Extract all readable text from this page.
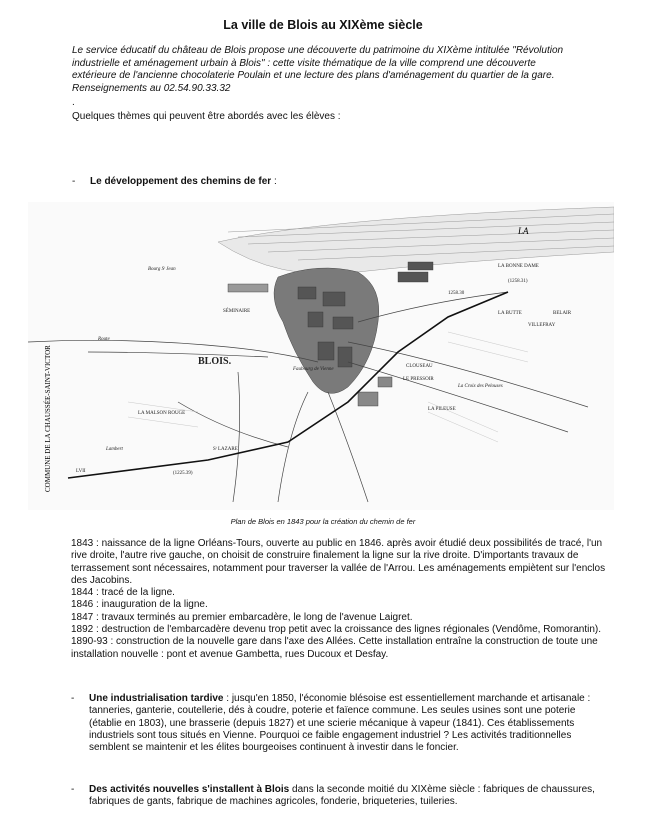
La ville de Blois au XIXème siècle
Le service éducatif du château de Blois propose une découverte du patrimoine du XIXème intitulée "Révolution industrielle et aménagement urbain à Blois" : cette visite thématique de la ville comprend une découverte extérieure de l'ancienne chocolaterie Poulain et une lecture des plans d'aménagement du quartier de la gare. Renseignements au 02.54.90.33.32
.
Quelques thèmes qui peuvent être abordés avec les élèves :
- Le développement des chemins de fer :
LA
COMMUNE DE LA CHAUSSÉE-SAINT-VICTOR
Bourg Sᵗ Jean
BLOIS.
LA MALSON ROUGE
LA BONNE DAME
LA BUTTE	BELAIR
VILLEFRAY
LE PRESSOIR
LA PILEUSE
CLOUSEAU
Sᵗ LAZARE
(1225.39)
(1258.31)
1258.30
LVII
La Croix des Pelouses
Route
SÉMINAIRE
Lambert
Faubourg de Vienne
Plan de Blois en 1843 pour la création du chemin de fer
1843 : naissance de la ligne Orléans-Tours, ouverte au public en 1846. après avoir étudié deux possibilités de tracé, l'un rive droite, l'autre rive gauche, on choisit de construire finalement la ligne sur la rive droite. D'importants travaux de terrassement sont nécessaires, notamment pour traverser la vallée de l'Arrou. Les aménagements empiètent sur l'enclos des Jacobins.
1844 : tracé de la ligne.
1846 : inauguration de la ligne.
1847 : travaux terminés au premier embarcadère, le long de l'avenue Laigret.
1892 : destruction de l'embarcadère devenu trop petit avec la croissance des lignes régionales (Vendôme, Romorantin).
1890-93 : construction de la nouvelle gare dans l'axe des Allées. Cette installation entraîne la construction de toute une installation nouvelle : pont et avenue Gambetta, rues Ducoux et Desfay.
- Une industrialisation tardive : jusqu'en 1850, l'économie blésoise est essentiellement marchande et artisanale : tanneries, ganterie, coutellerie, dés à coudre, poterie et faïence commune. Les seules usines sont une poterie (établie en 1803), une brasserie (depuis 1827) et une scierie mécanique à vapeur (1841). Ces établissements industriels sont tous situés en Vienne. Pourquoi ce faible engagement industriel ? Les activités traditionnelles semblent se maintenir et les élites bourgeoises continuent à investir dans le foncier.
- Des activités nouvelles s'installent à Blois dans la seconde moitié du XIXème siècle : fabriques de chaussures, fabriques de gants, fabrique de machines agricoles, fonderie, briqueteries, tuileries.
